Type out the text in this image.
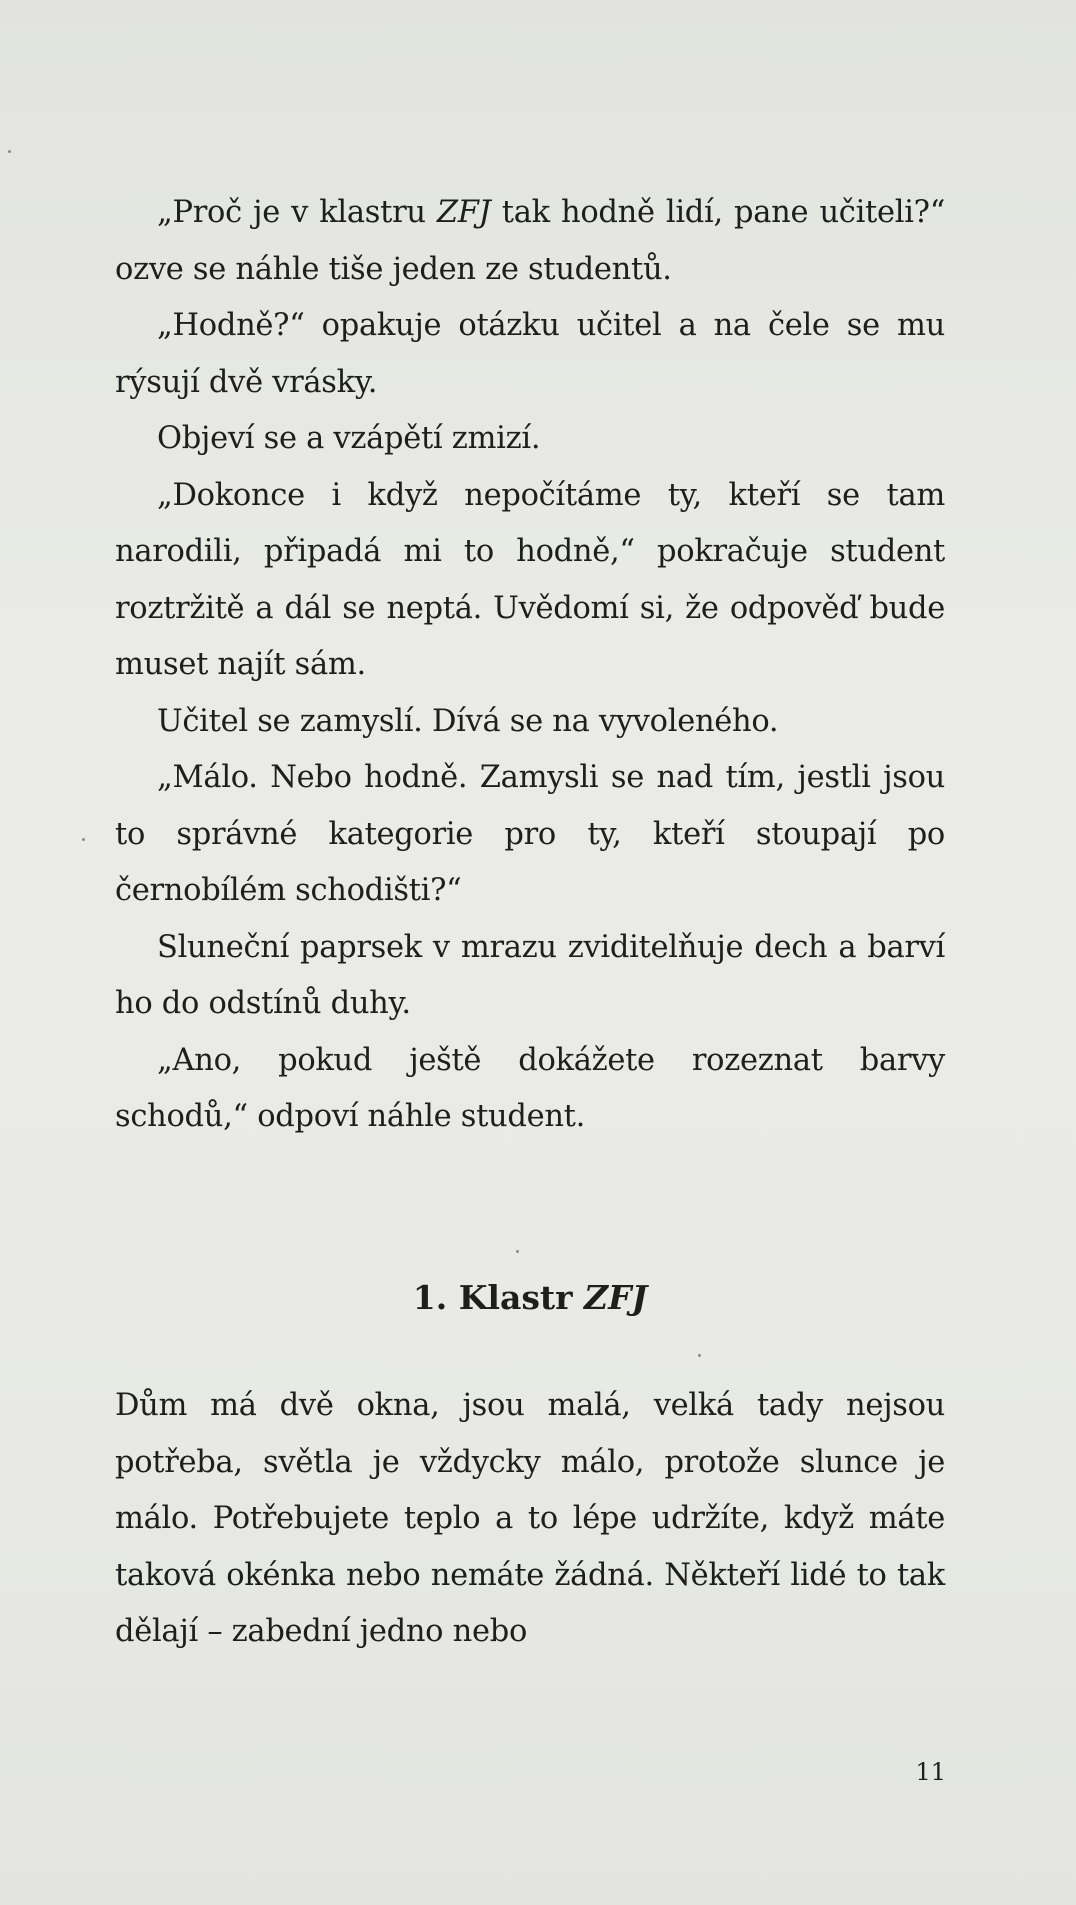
„Proč je v klastru ZFJ tak hodně lidí, pane učiteli?“ ozve se náhle tiše jeden ze studentů.

„Hodně?“ opakuje otázku učitel a na čele se mu rýsují dvě vrásky.

Objeví se a vzápětí zmizí.

„Dokonce i když nepočítáme ty, kteří se tam narodili, připadá mi to hodně,“ pokračuje student roztržitě a dál se neptá. Uvědomí si, že odpověď bude muset najít sám.

Učitel se zamyslí. Dívá se na vyvoleného.

„Málo. Nebo hodně. Zamysli se nad tím, jestli jsou to správné kategorie pro ty, kteří stoupají po černobílém schodišti?“

Sluneční paprsek v mrazu zviditelňuje dech a barví ho do odstínů duhy.

„Ano, pokud ještě dokážete rozeznat barvy schodů,“ odpoví náhle student.

1. Klastr ZFJ

Dům má dvě okna, jsou malá, velká tady nejsou potřeba, světla je vždycky málo, protože slunce je málo. Potřebujete teplo a to lépe udržíte, když máte taková okénka nebo nemáte žádná. Někteří lidé to tak dělají – zabední jedno nebo

11
